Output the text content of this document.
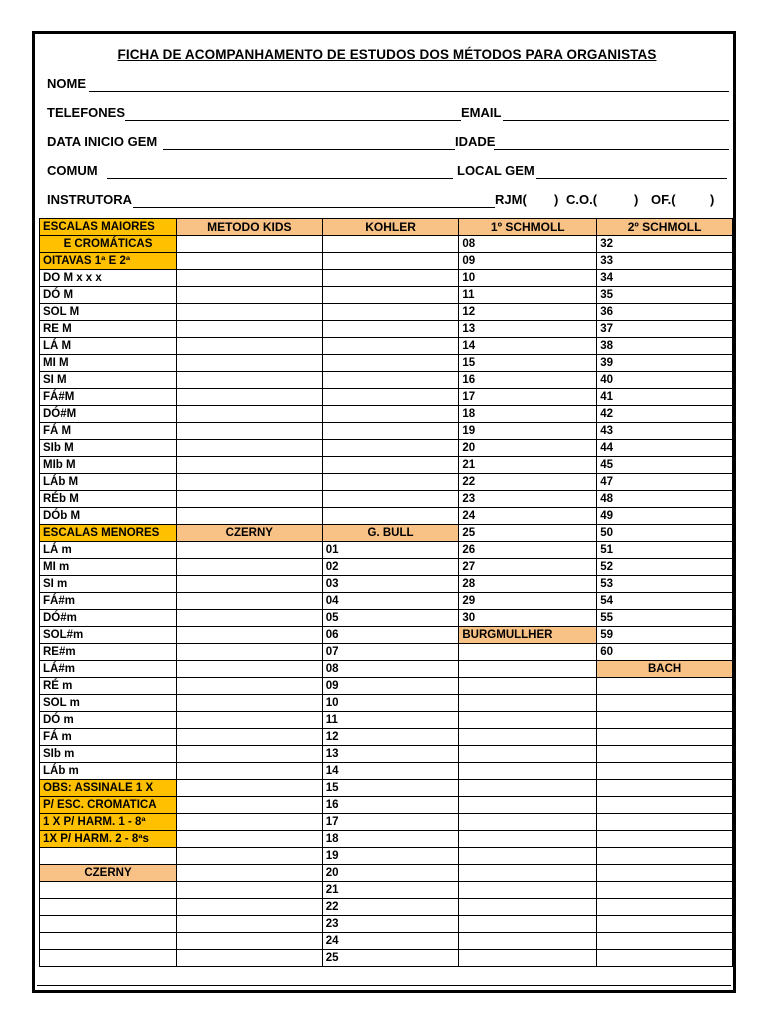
FICHA DE ACOMPANHAMENTO DE ESTUDOS DOS MÉTODOS PARA ORGANISTAS
NOME
TELEFONES	EMAIL
DATA INICIO GEM	IDADE
COMUM	LOCAL GEM
INSTRUTORA	RJM( ) C.O.(	) OF.(	)
ESCALAS MAIORES	METODO KIDS	KOHLER	1º SCHMOLL	2º SCHMOLL
E CROMÁTICAS			08	32
OITAVAS 1ª E 2ª			09	33
DO M x x x			10	34
DÓ M			11	35
SOL M			12	36
RE M			13	37
LÁ M			14	38
MI M			15	39
SI M			16	40
FÁ#M			17	41
DÓ#M			18	42
FÁ M			19	43
SIb M			20	44
MIb M			21	45
LÁb M			22	47
RÉb M			23	48
DÓb M			24	49
ESCALAS MENORES	CZERNY	G. BULL	25	50
LÁ m		01	26	51
MI m		02	27	52
SI m		03	28	53
FÁ#m		04	29	54
DÓ#m		05	30	55
SOL#m		06	BURGMULLHER	59
RE#m		07		60
LÁ#m		08		BACH
RÉ m		09		
SOL m		10		
DÓ m		11		
FÁ m		12		
SIb m		13		
LÁb m		14		
OBS: ASSINALE 1 X		15		
P/ ESC. CROMATICA		16		
1 X P/ HARM. 1 - 8ª		17		
1X P/ HARM. 2 - 8ªs		18		
		19		
CZERNY		20		
		21		
		22		
		23		
		24		
		25		
